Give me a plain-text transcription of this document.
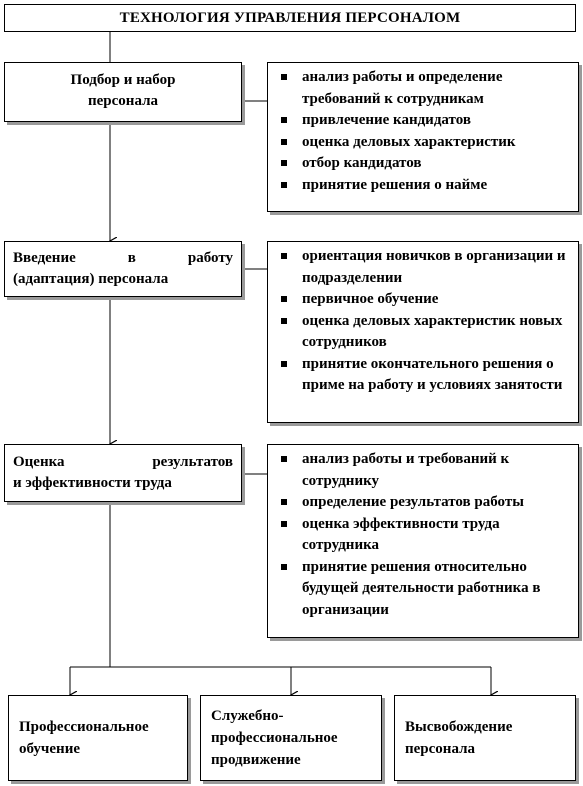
ТЕХНОЛОГИЯ УПРАВЛЕНИЯ ПЕРСОНАЛОМ
Подбор и набор
персонала
анализ работы и определение требований к сотрудникам
привлечение кандидатов
оценка деловых характеристик
отбор кандидатов
принятие решения о найме
Введение в работу
(адаптация) персонала
ориентация новичков в организации и подразделении
первичное обучение
оценка деловых характеристик новых сотрудников
принятие окончательного решения о приме на работу и условиях занятости
Оценка результатов
и эффективности труда
анализ работы и требований к сотруднику
определение результатов работы
оценка эффективности труда сотрудника
принятие решения относительно будущей деятельности работника в организации
Профессиональное
обучение
Служебно-
профессиональное
продвижение
Высвобождение
персонала
